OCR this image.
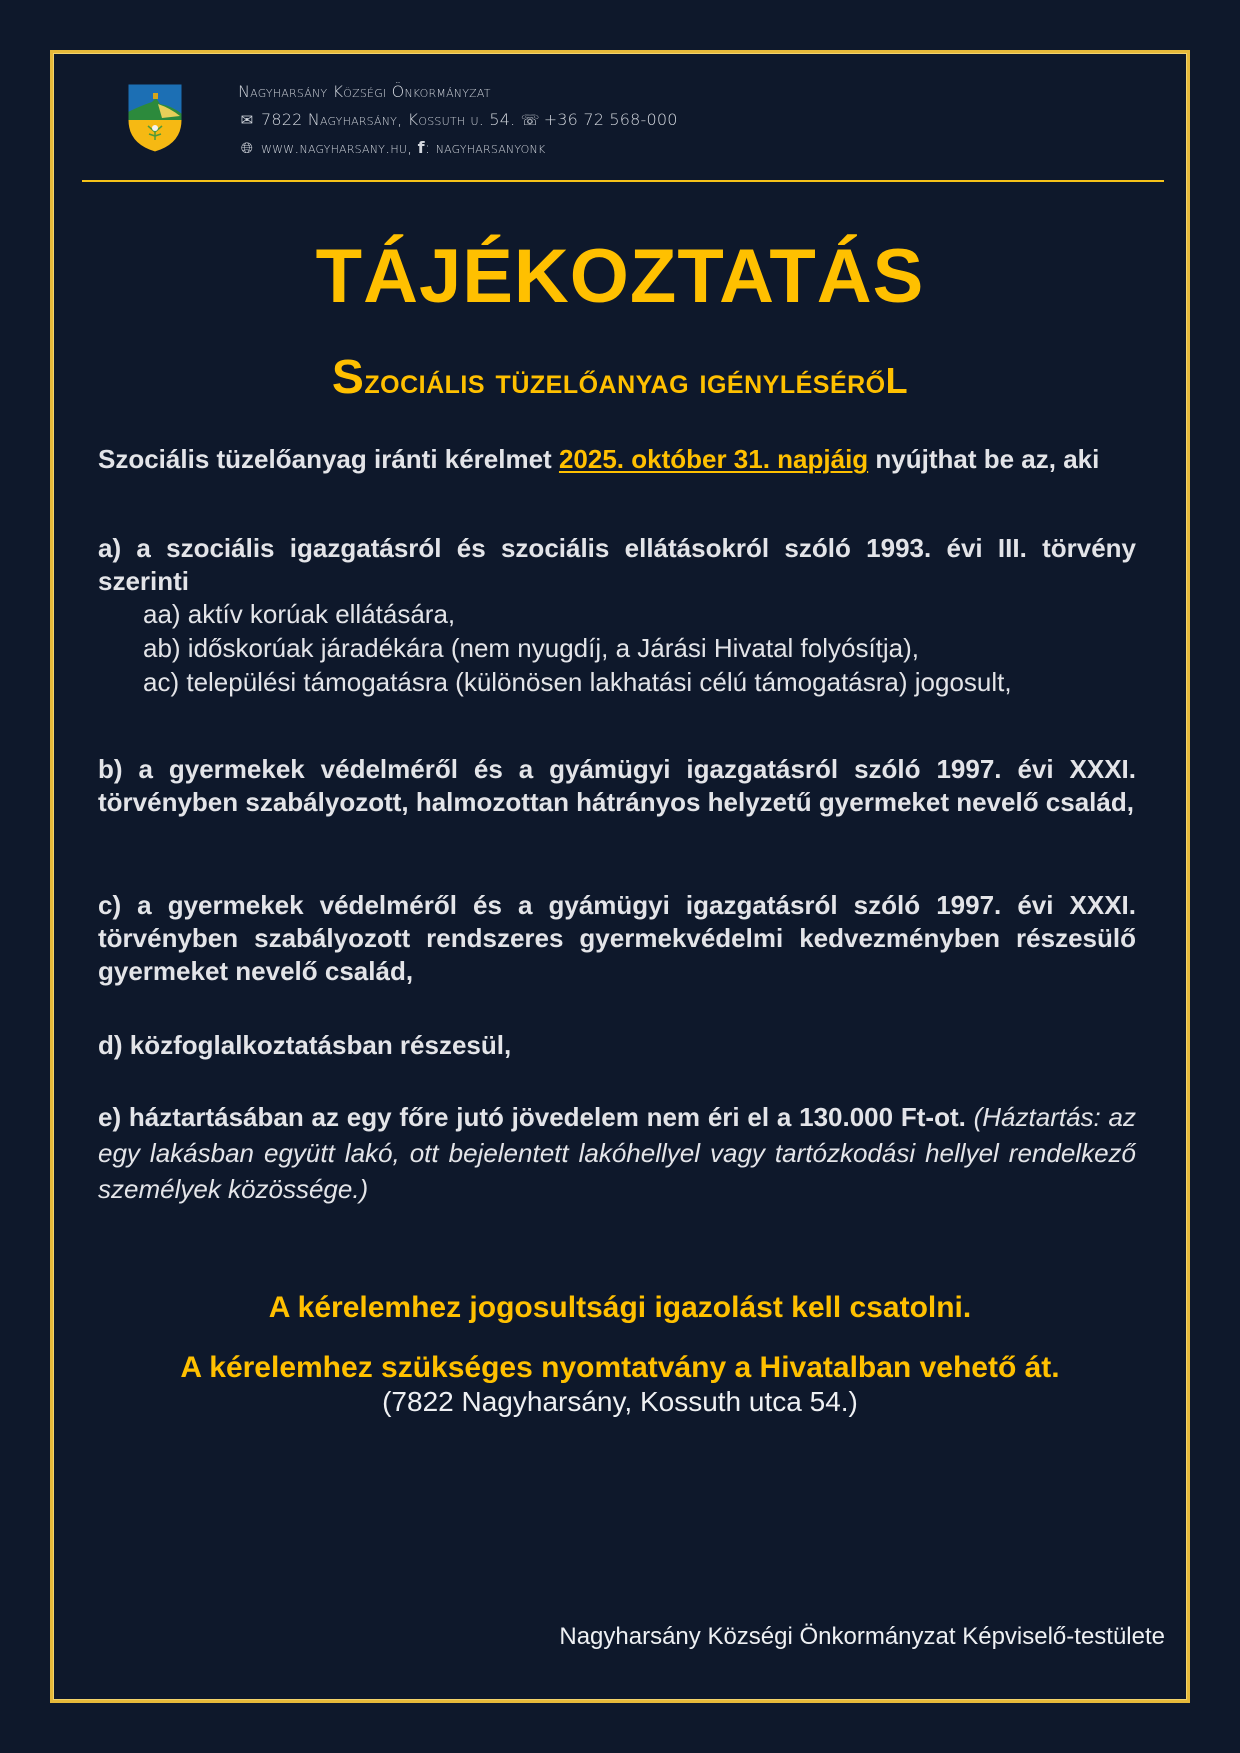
Nagyharsány Községi Önkormányzat
✉ 7822 Nagyharsány, Kossuth u. 54. ☏ +36 72 568-000
🌐︎ www.nagyharsany.hu, f: nagyharsanyonk
TÁJÉKOZTATÁS
Szociális tüzelőanyag igénylésérőL
Szociális tüzelőanyag iránti kérelmet 2025. október 31. napjáig nyújthat be az, aki
a) a szociális igazgatásról és szociális ellátásokról szóló 1993. évi III. törvény szerinti
aa) aktív korúak ellátására,
ab) időskorúak járadékára (nem nyugdíj, a Járási Hivatal folyósítja),
ac) települési támogatásra (különösen lakhatási célú támogatásra) jogosult,
b) a gyermekek védelméről és a gyámügyi igazgatásról szóló 1997. évi XXXI. törvényben szabályozott, halmozottan hátrányos helyzetű gyermeket nevelő család,
c) a gyermekek védelméről és a gyámügyi igazgatásról szóló 1997. évi XXXI. törvényben szabályozott rendszeres gyermekvédelmi kedvezményben részesülő gyermeket nevelő család,
d) közfoglalkoztatásban részesül,
e) háztartásában az egy főre jutó jövedelem nem éri el a 130.000 Ft-ot. (Háztartás: az egy lakásban együtt lakó, ott bejelentett lakóhellyel vagy tartózkodási hellyel rendelkező személyek közössége.)
A kérelemhez jogosultsági igazolást kell csatolni.
A kérelemhez szükséges nyomtatvány a Hivatalban vehető át.
(7822 Nagyharsány, Kossuth utca 54.)
Nagyharsány Községi Önkormányzat Képviselő-testülete
